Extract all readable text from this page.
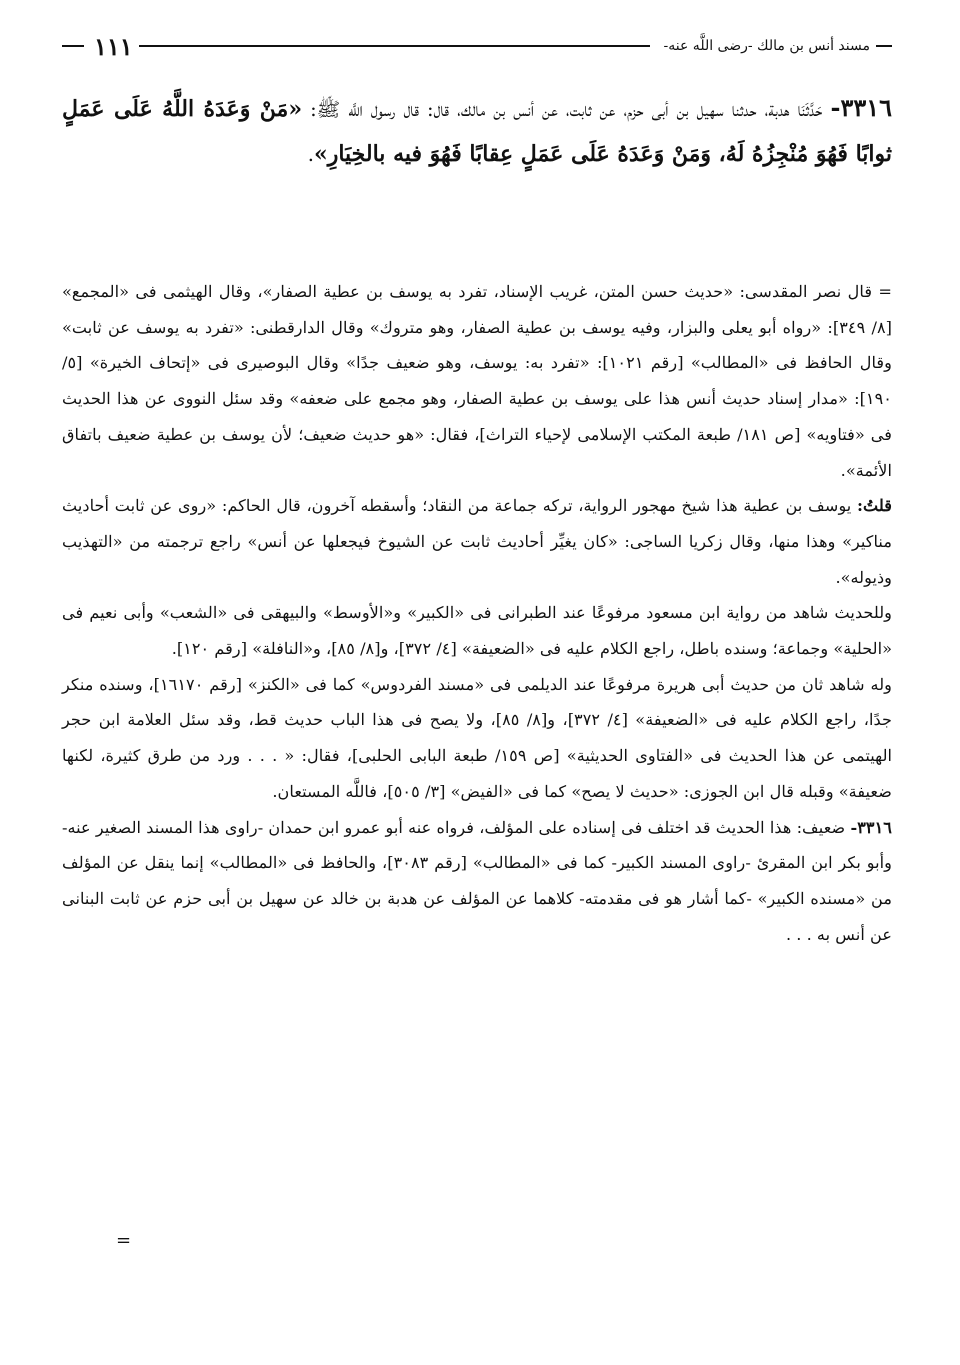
مسند أنس بن مالك -رضى اللَّه عنه-
١١١

٣٣١٦- حَدَّثَنَا هدبة، حدثنا سهيل بن أبى حزم، عن ثابت، عن أنس بن مالك، قال: قال رسول اللَّه ﷺ: «مَنْ وَعَدَهُ اللَّهُ عَلَى عَمَلٍ ثوابًا فَهُوَ مُنْجِزُهُ لَهُ، وَمَنْ وَعَدَهُ عَلَى عَمَلٍ عِقابًا فَهُوَ فيه بالخِيَارِ».

= قال نصر المقدسى: «حديث حسن المتن، غريب الإسناد، تفرد به يوسف بن عطية الصفار»، وقال الهيثمى فى «المجمع» [٨/ ٣٤٩]: «رواه أبو يعلى والبزار، وفيه يوسف بن عطية الصفار، وهو متروك» وقال الدارقطنى: «تفرد به يوسف عن ثابت» وقال الحافظ فى «المطالب» [رقم ١٠٢١]: «تفرد به: يوسف، وهو ضعيف جدًا» وقال البوصيرى فى «إتحاف الخيرة» [٥/ ١٩٠]: «مدار إسناد حديث أنس هذا على يوسف بن عطية الصفار، وهو مجمع على ضعفه» وقد سئل النووى عن هذا الحديث فى «فتاويه» [ص ١٨١/ طبعة المكتب الإسلامى لإحياء التراث]، فقال: «هو حديث ضعيف؛ لأن يوسف بن عطية ضعيف باتفاق الأئمة».

قلتُ: يوسف بن عطية هذا شيخ مهجور الرواية، تركه جماعة من النقاد؛ وأسقطه آخرون، قال الحاكم: «روى عن ثابت أحاديث مناكير» وهذا منها، وقال زكريا الساجى: «كان يغيِّر أحاديث ثابت عن الشيوخ فيجعلها عن أنس» راجع ترجمته من «التهذيب وذيوله».

وللحديث شاهد من رواية ابن مسعود مرفوعًا عند الطبرانى فى «الكبير» و«الأوسط» والبيهقى فى «الشعب» وأبى نعيم فى «الحلية» وجماعة؛ وسنده باطل، راجع الكلام عليه فى «الضعيفة» [٤/ ٣٧٢]، و[٨/ ٨٥]، و«النافلة» [رقم ١٢٠].

وله شاهد ثان من حديث أبى هريرة مرفوعًا عند الديلمى فى «مسند الفردوس» كما فى «الكنز» [رقم ١٦١٧٠]، وسنده منكر جدًا، راجع الكلام عليه فى «الضعيفة» [٤/ ٣٧٢]، و[٨/ ٨٥]، ولا يصح فى هذا الباب حديث قط، وقد سئل العلامة ابن حجر الهيتمى عن هذا الحديث فى «الفتاوى الحديثية» [ص ١٥٩/ طبعة البابى الحلبى]، فقال: « . . . ورد من طرق كثيرة، لكنها ضعيفة» وقبله قال ابن الجوزى: «حديث لا يصح» كما فى «الفيض» [٣/ ٥٠٥]، فاللَّه المستعان.

٣٣١٦- ضعيف: هذا الحديث قد اختلف فى إسناده على المؤلف، فرواه عنه أبو عمرو ابن حمدان -راوى هذا المسند الصغير عنه- وأبو بكر ابن المقرئ -راوى المسند الكبير- كما فى «المطالب» [رقم ٣٠٨٣]، والحافظ فى «المطالب» إنما ينقل عن المؤلف من «مسنده الكبير» -كما أشار هو فى مقدمته- كلاهما عن المؤلف عن هدبة بن خالد عن سهيل بن أبى حزم عن ثابت البنانى عن أنس به . . .

=
